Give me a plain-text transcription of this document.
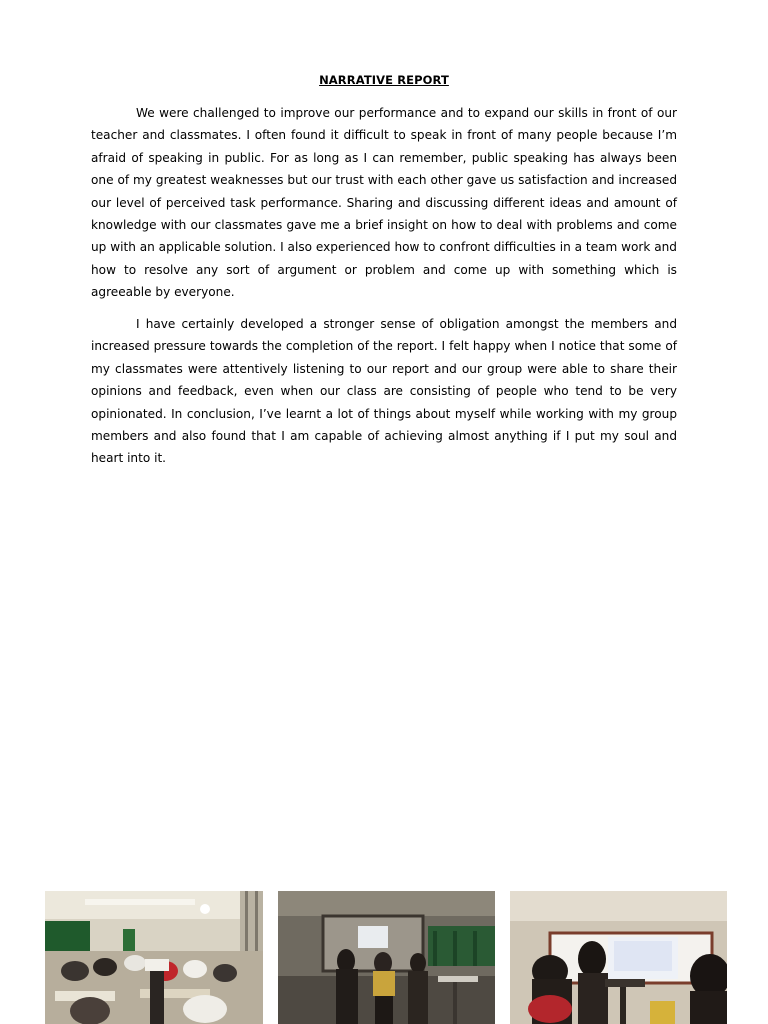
NARRATIVE REPORT

We were challenged to improve our performance and to expand our skills in front of our teacher and classmates. I often found it difficult to speak in front of many people because I’m afraid of speaking in public. For as long as I can remember, public speaking has always been one of my greatest weaknesses but our trust with each other gave us satisfaction and increased our level of perceived task performance. Sharing and discussing different ideas and amount of knowledge with our classmates gave me a brief insight on how to deal with problems and come up with an applicable solution. I also experienced how to confront difficulties in a team work and how to resolve any sort of argument or problem and come up with something which is agreeable by everyone.

I have certainly developed a stronger sense of obligation amongst the members and increased pressure towards the completion of the report. I felt happy when I notice that some of my classmates were attentively listening to our report and our group were able to share their opinions and feedback, even when our class are consisting of people who tend to be very opinionated. In conclusion, I’ve learnt a lot of things about myself while working with my group members and also found that I am capable of achieving almost anything if I put my soul and heart into it.
